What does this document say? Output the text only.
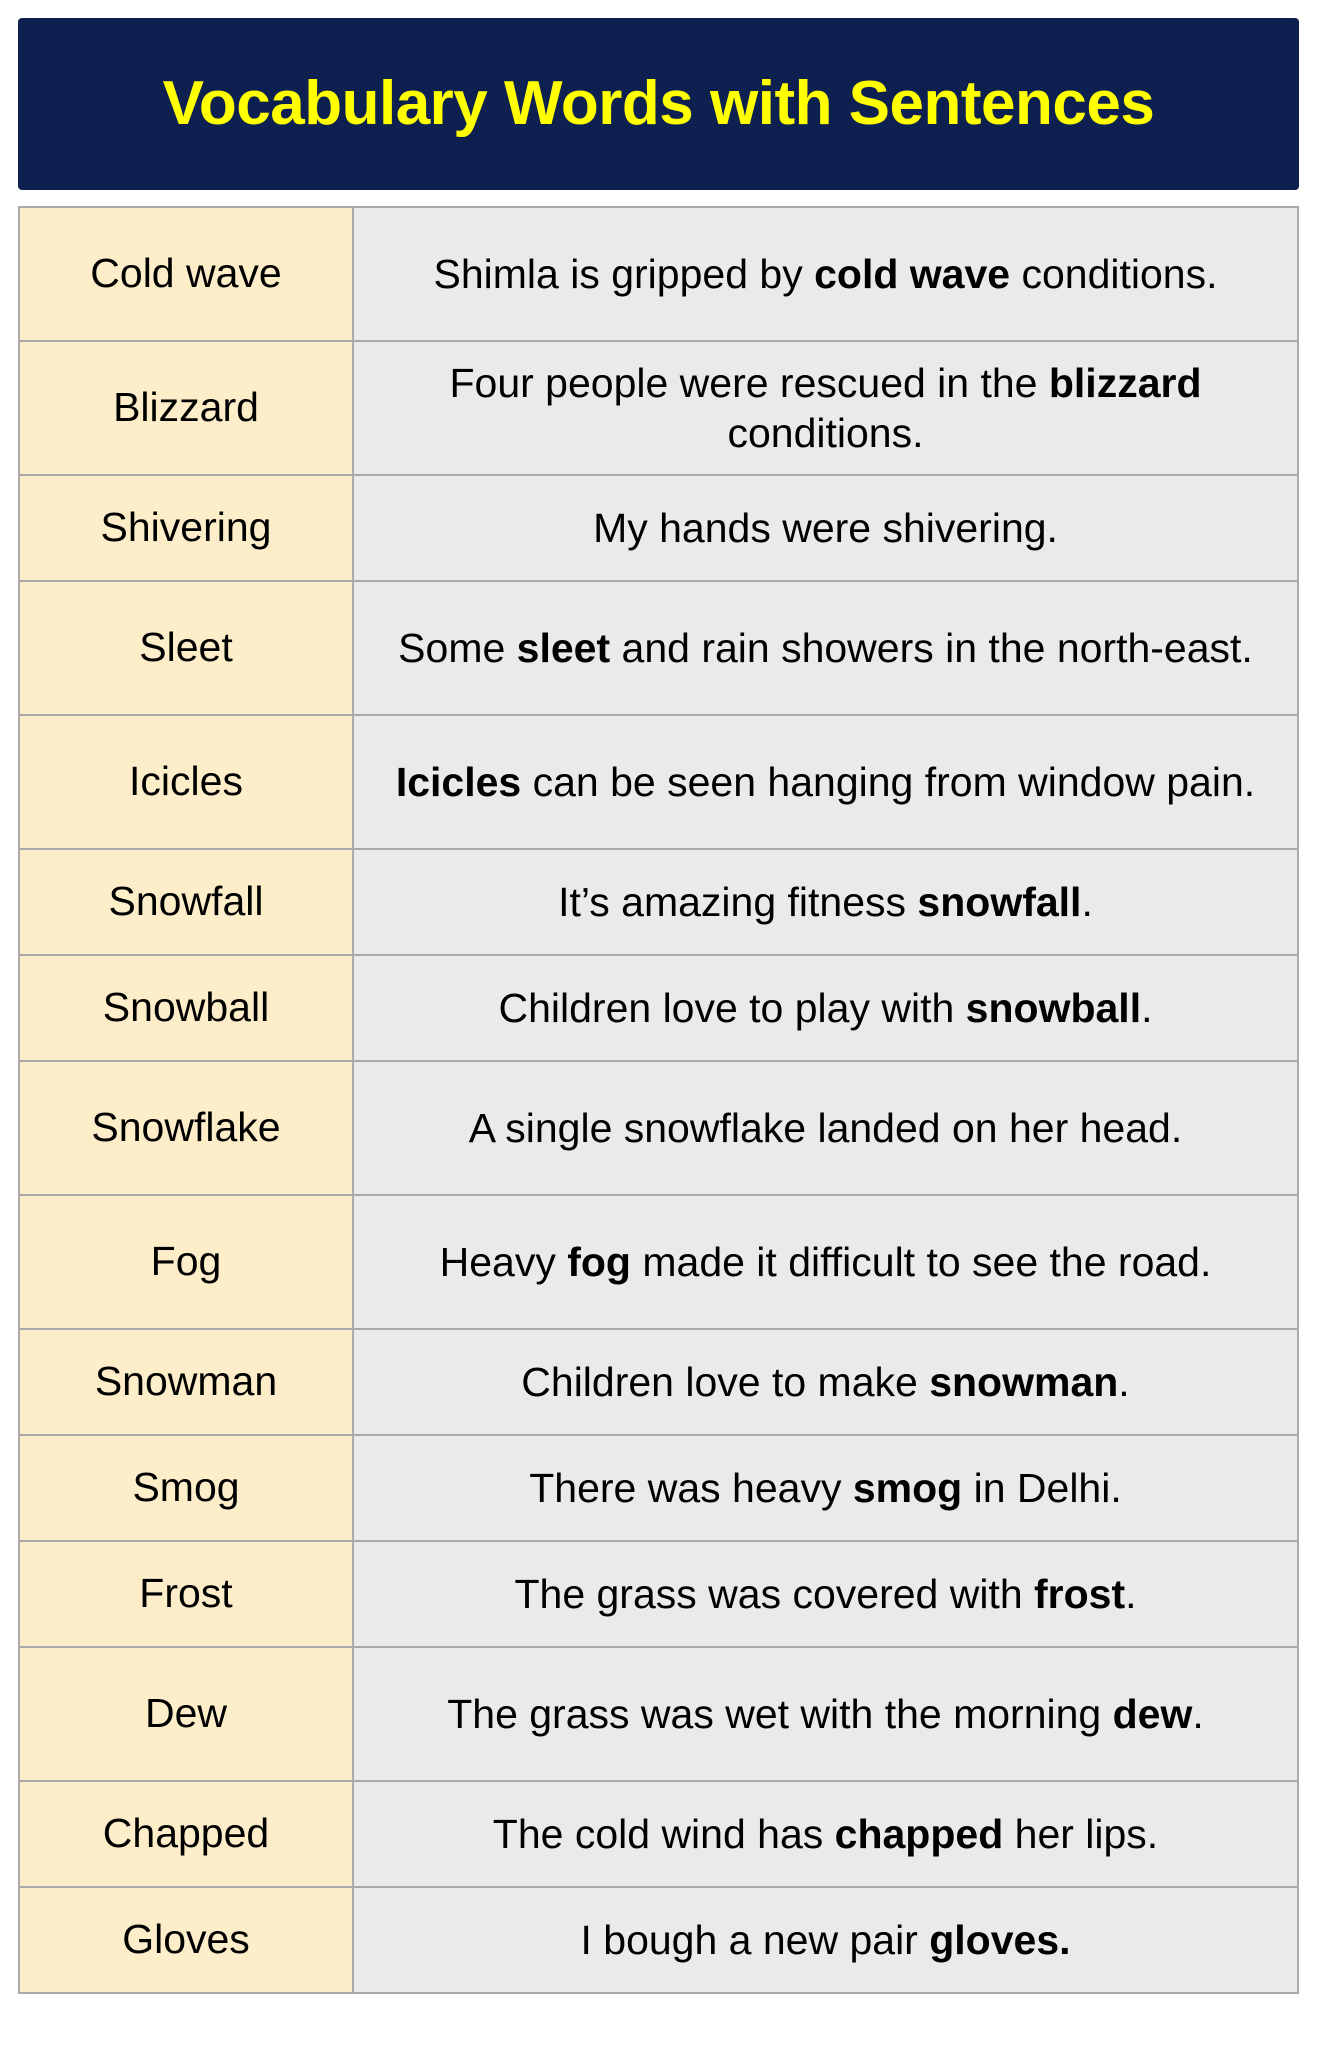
Vocabulary Words with Sentences
Cold wave	Shimla is gripped by cold wave conditions.
Blizzard	Four people were rescued in the blizzard conditions.
Shivering	My hands were shivering.
Sleet	Some sleet and rain showers in the north-east.
Icicles	Icicles can be seen hanging from window pain.
Snowfall	It’s amazing fitness snowfall.
Snowball	Children love to play with snowball.
Snowflake	A single snowflake landed on her head.
Fog	Heavy fog made it difficult to see the road.
Snowman	Children love to make snowman.
Smog	There was heavy smog in Delhi.
Frost	The grass was covered with frost.
Dew	The grass was wet with the morning dew.
Chapped	The cold wind has chapped her lips.
Gloves	I bough a new pair gloves.
